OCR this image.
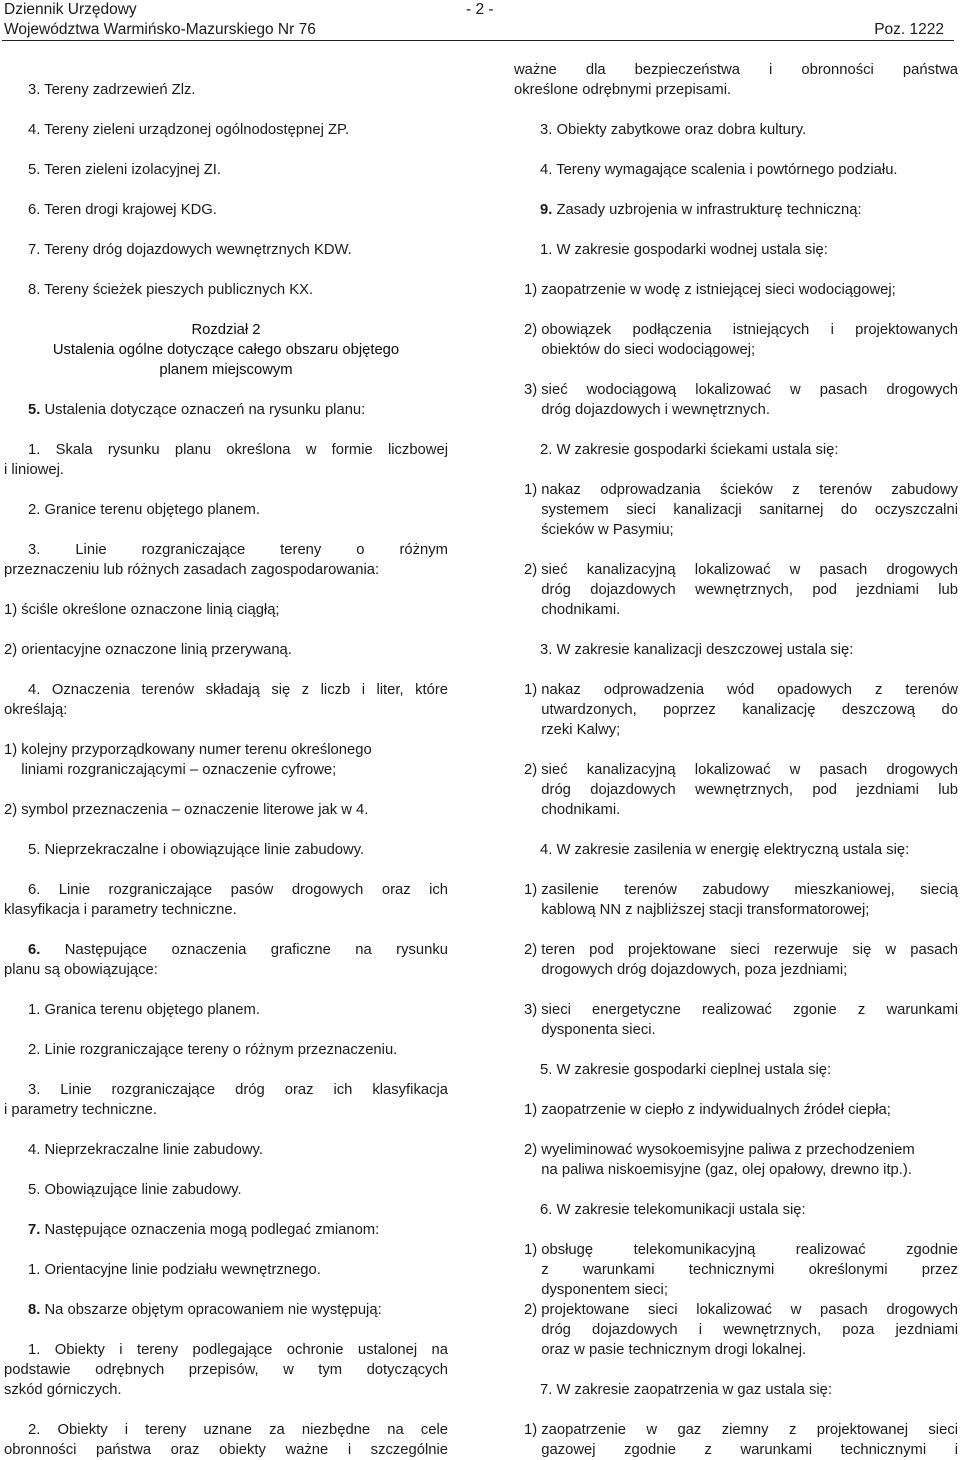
Dziennik Urzędowy
Województwa Warmińsko-Mazurskiego Nr 76
- 2 -
Poz. 1222

3. Tereny zadrzewień Zlz.

4. Tereny zieleni urządzonej ogólnodostępnej ZP.

5. Teren zieleni izolacyjnej ZI.

6. Teren drogi krajowej KDG.

7. Tereny dróg dojazdowych wewnętrznych KDW.

8. Tereny ścieżek pieszych publicznych KX.

Rozdział 2
Ustalenia ogólne dotyczące całego obszaru objętego
planem miejscowym

5. Ustalenia dotyczące oznaczeń na rysunku planu:

1. Skala rysunku planu określona w formie liczbowej

i liniowej.

2. Granice terenu objętego planem.

3. Linie rozgraniczające tereny o różnym

przeznaczeniu lub różnych zasadach zagospodarowania:

1) ściśle określone oznaczone linią ciągłą;
2) orientacyjne oznaczone linią przerywaną.

4. Oznaczenia terenów składają się z liczb i liter, które

określają:

1) kolejny przyporządkowany numer terenu określonego
liniami rozgraniczającymi – oznaczenie cyfrowe;
2) symbol przeznaczenia – oznaczenie literowe jak w 4.

5. Nieprzekraczalne i obowiązujące linie zabudowy.

6. Linie rozgraniczające pasów drogowych oraz ich

klasyfikacja i parametry techniczne.

6. Następujące oznaczenia graficzne na rysunku

planu są obowiązujące:

1. Granica terenu objętego planem.

2. Linie rozgraniczające tereny o różnym przeznaczeniu.

3. Linie rozgraniczające dróg oraz ich klasyfikacja

i parametry techniczne.

4. Nieprzekraczalne linie zabudowy.

5. Obowiązujące linie zabudowy.

7. Następujące oznaczenia mogą podlegać zmianom:

1. Orientacyjne linie podziału wewnętrznego.

8. Na obszarze objętym opracowaniem nie występują:

1. Obiekty i tereny podlegające ochronie ustalonej na

podstawie odrębnych przepisów, w tym dotyczących

szkód górniczych.

2. Obiekty i tereny uznane za niezbędne na cele

obronności państwa oraz obiekty ważne i szczególnie

ważne dla bezpieczeństwa i obronności państwa

określone odrębnymi przepisami.

3. Obiekty zabytkowe oraz dobra kultury.

4. Tereny wymagające scalenia i powtórnego podziału.

9. Zasady uzbrojenia w infrastrukturę techniczną:

1. W zakresie gospodarki wodnej ustala się:

1) zaopatrzenie w wodę z istniejącej sieci wodociągowej;
2) obowiązek podłączenia istniejących i projektowanych
obiektów do sieci wodociągowej;
3) sieć wodociągową lokalizować w pasach drogowych
dróg dojazdowych i wewnętrznych.

2. W zakresie gospodarki ściekami ustala się:

1) nakaz odprowadzania ścieków z terenów zabudowy
systemem sieci kanalizacji sanitarnej do oczyszczalni
ścieków w Pasymiu;
2) sieć kanalizacyjną lokalizować w pasach drogowych
dróg dojazdowych wewnętrznych, pod jezdniami lub
chodnikami.

3. W zakresie kanalizacji deszczowej ustala się:

1) nakaz odprowadzenia wód opadowych z terenów
utwardzonych, poprzez kanalizację deszczową do
rzeki Kalwy;
2) sieć kanalizacyjną lokalizować w pasach drogowych
dróg dojazdowych wewnętrznych, pod jezdniami lub
chodnikami.

4. W zakresie zasilenia w energię elektryczną ustala się:

1) zasilenie terenów zabudowy mieszkaniowej, siecią
kablową NN z najbliższej stacji transformatorowej;
2) teren pod projektowane sieci rezerwuje się w pasach
drogowych dróg dojazdowych, poza jezdniami;
3) sieci energetyczne realizować zgonie z warunkami
dysponenta sieci.

5. W zakresie gospodarki cieplnej ustala się:

1) zaopatrzenie w ciepło z indywidualnych źródeł ciepła;
2) wyeliminować wysokoemisyjne paliwa z przechodzeniem
na paliwa niskoemisyjne (gaz, olej opałowy, drewno itp.).

6. W zakresie telekomunikacji ustala się:

1) obsługę telekomunikacyjną realizować zgodnie
z warunkami technicznymi określonymi przez
dysponentem sieci;
2) projektowane sieci lokalizować w pasach drogowych
dróg dojazdowych i wewnętrznych, poza jezdniami
oraz w pasie technicznym drogi lokalnej.

7. W zakresie zaopatrzenia w gaz ustala się:

1) zaopatrzenie w gaz ziemny z projektowanej sieci
gazowej zgodnie z warunkami technicznymi i
